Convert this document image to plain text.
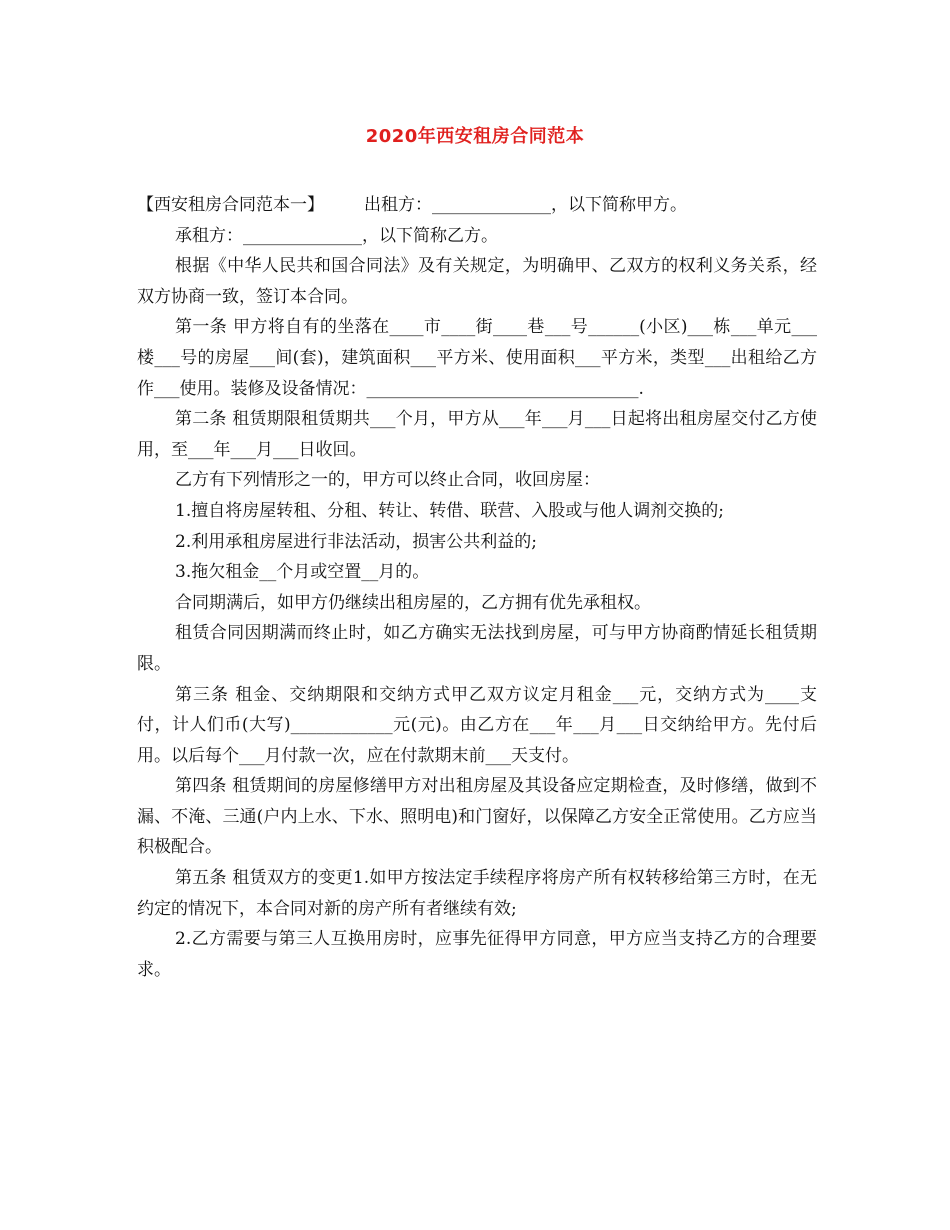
2020年西安租房合同范本

【西安租房合同范本一】 出租方：______________，以下简称甲方。

承租方：______________，以下简称乙方。

根据《中华人民共和国合同法》及有关规定，为明确甲、乙双方的权利义务关系，经双方协商一致，签订本合同。

第一条 甲方将自有的坐落在____市____街____巷___号______(小区)___栋___单元___楼___号的房屋___间(套)，建筑面积___平方米、使用面积___平方米，类型___出租给乙方作___使用。装修及设备情况：________________________________.

第二条 租赁期限租赁期共___个月，甲方从___年___月___日起将出租房屋交付乙方使用，至___年___月___日收回。

乙方有下列情形之一的，甲方可以终止合同，收回房屋：

1.擅自将房屋转租、分租、转让、转借、联营、入股或与他人调剂交换的;

2.利用承租房屋进行非法活动，损害公共利益的;

3.拖欠租金__个月或空置__月的。

合同期满后，如甲方仍继续出租房屋的，乙方拥有优先承租权。

租赁合同因期满而终止时，如乙方确实无法找到房屋，可与甲方协商酌情延长租赁期限。

第三条 租金、交纳期限和交纳方式甲乙双方议定月租金___元，交纳方式为____支付，计人们币(大写)____________元(元)。由乙方在___年___月___日交纳给甲方。先付后用。以后每个___月付款一次，应在付款期末前___天支付。

第四条 租赁期间的房屋修缮甲方对出租房屋及其设备应定期检查，及时修缮，做到不漏、不淹、三通(户内上水、下水、照明电)和门窗好，以保障乙方安全正常使用。乙方应当积极配合。

第五条 租赁双方的变更1.如甲方按法定手续程序将房产所有权转移给第三方时，在无约定的情况下，本合同对新的房产所有者继续有效;

2.乙方需要与第三人互换用房时，应事先征得甲方同意，甲方应当支持乙方的合理要求。
